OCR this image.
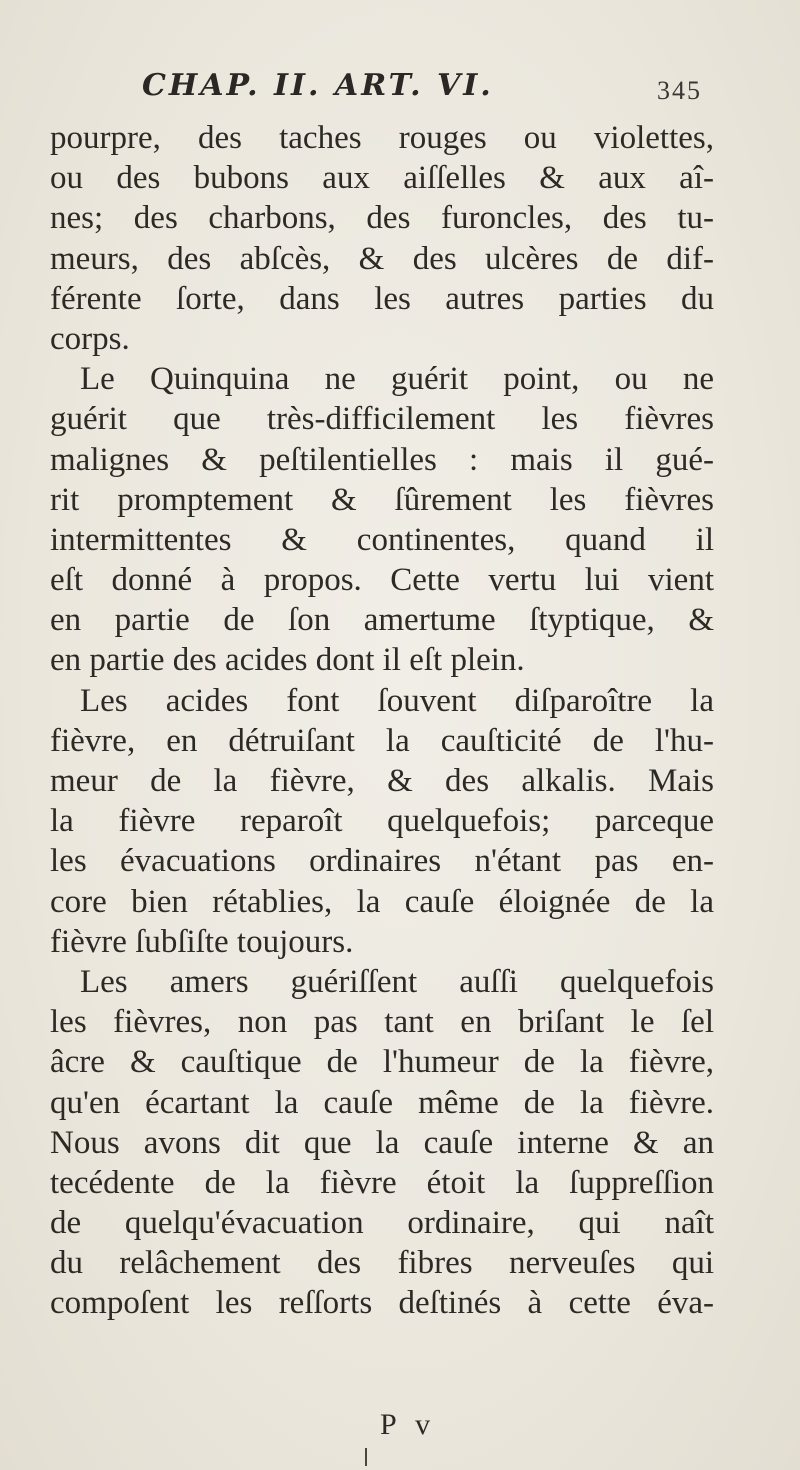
CHAP. II. ART. VI.	345
pourpre, des taches rouges ou violettes,
ou des bubons aux aiſſelles & aux aî-
nes; des charbons, des furoncles, des tu-
meurs, des abſcès, & des ulcères de dif-
férente ſorte, dans les autres parties du
corps.
Le Quinquina ne guérit point, ou ne
guérit que très-difficilement les fièvres
malignes & peſtilentielles : mais il gué-
rit promptement & ſûrement les fièvres
intermittentes & continentes, quand il
eſt donné à propos. Cette vertu lui vient
en partie de ſon amertume ſtyptique, &
en partie des acides dont il eſt plein.
Les acides font ſouvent diſparoître la
fièvre, en détruiſant la cauſticité de l'hu-
meur de la fièvre, & des alkalis. Mais
la fièvre reparoît quelquefois; parceque
les évacuations ordinaires n'étant pas en-
core bien rétablies, la cauſe éloignée de la
fièvre ſubſiſte toujours.
Les amers guériſſent auſſi quelquefois
les fièvres, non pas tant en briſant le ſel
âcre & cauſtique de l'humeur de la fièvre,
qu'en écartant la cauſe même de la fièvre.
Nous avons dit que la cauſe interne & an
tecédente de la fièvre étoit la ſuppreſſion
de quelqu'évacuation ordinaire, qui naît
du relâchement des fibres nerveuſes qui
compoſent les reſſorts deſtinés à cette éva-
P v
